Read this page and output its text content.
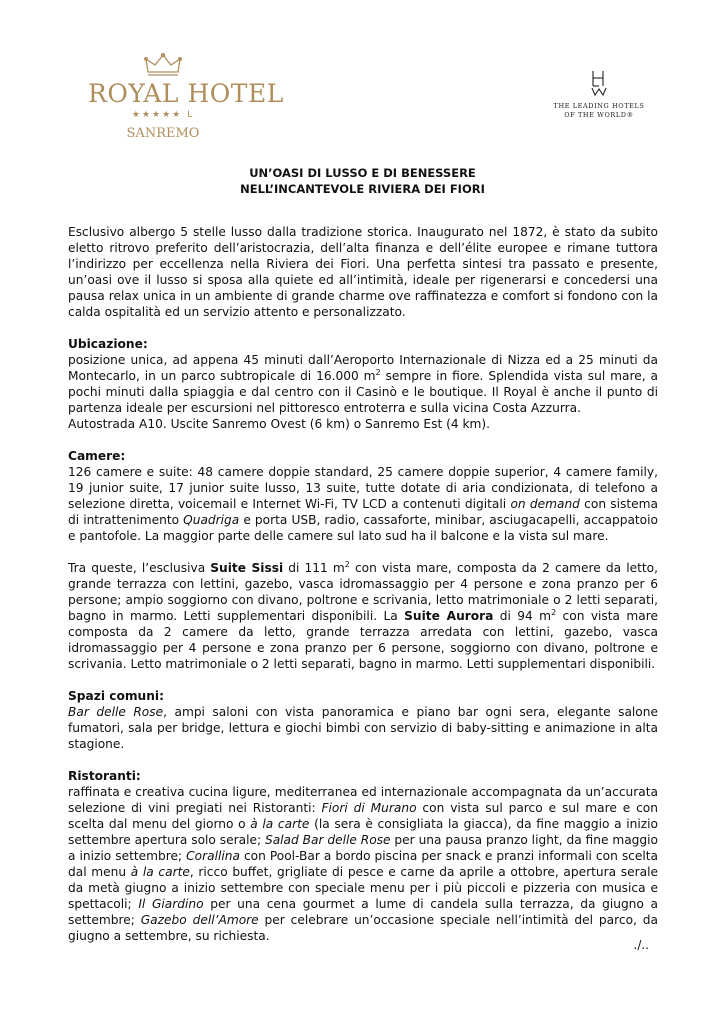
ROYAL HOTEL
★★★★★ L
SANREMO
THE LEADING HOTELS
OF THE WORLD®
UN’OASI DI LUSSO E DI BENESSERE
NELL’INCANTEVOLE RIVIERA DEI FIORI

Esclusivo albergo 5 stelle lusso dalla tradizione storica. Inaugurato nel 1872, è stato da subito eletto ritrovo preferito dell’aristocrazia, dell’alta finanza e dell’élite europee e rimane tuttora l’indirizzo per eccellenza nella Riviera dei Fiori. Una perfetta sintesi tra passato e presente, un’oasi ove il lusso si sposa alla quiete ed all’intimità, ideale per rigenerarsi e concedersi una pausa relax unica in un ambiente di grande charme ove raffinatezza e comfort si fondono con la calda ospitalità ed un servizio attento e personalizzato.

Ubicazione:

posizione unica, ad appena 45 minuti dall’Aeroporto Internazionale di Nizza ed a 25 minuti da Montecarlo, in un parco subtropicale di 16.000 $m^2$ sempre in fiore. Splendida vista sul mare, a pochi minuti dalla spiaggia e dal centro con il Casinò e le boutique. Il Royal è anche il punto di partenza ideale per escursioni nel pittoresco entroterra e sulla vicina Costa Azzurra.

Autostrada A10. Uscite Sanremo Ovest (6 km) o Sanremo Est (4 km).

Camere:

126 camere e suite: 48 camere doppie standard, 25 camere doppie superior, 4 camere family, 19 junior suite, 17 junior suite lusso, 13 suite, tutte dotate di aria condizionata, di telefono a selezione diretta, voicemail e Internet Wi-Fi, TV LCD a contenuti digitali on demand con sistema di intrattenimento Quadriga e porta USB, radio, cassaforte, minibar, asciugacapelli, accappatoio e pantofole. La maggior parte delle camere sul lato sud ha il balcone e la vista sul mare.

Tra queste, l’esclusiva Suite Sissi di 111 $m^2$ con vista mare, composta da 2 camere da letto, grande terrazza con lettini, gazebo, vasca idromassaggio per 4 persone e zona pranzo per 6 persone; ampio soggiorno con divano, poltrone e scrivania, letto matrimoniale o 2 letti separati, bagno in marmo. Letti supplementari disponibili. La Suite Aurora di 94 $m^2$ con vista mare composta da 2 camere da letto, grande terrazza arredata con lettini, gazebo, vasca idromassaggio per 4 persone e zona pranzo per 6 persone, soggiorno con divano, poltrone e scrivania. Letto matrimoniale o 2 letti separati, bagno in marmo. Letti supplementari disponibili.

Spazi comuni:

Bar delle Rose, ampi saloni con vista panoramica e piano bar ogni sera, elegante salone fumatori, sala per bridge, lettura e giochi bimbi con servizio di baby-sitting e animazione in alta stagione.

Ristoranti:

raffinata e creativa cucina ligure, mediterranea ed internazionale accompagnata da un’accurata selezione di vini pregiati nei Ristoranti: Fiori di Murano con vista sul parco e sul mare e con scelta dal menu del giorno o à la carte (la sera è consigliata la giacca), da fine maggio a inizio settembre apertura solo serale; Salad Bar delle Rose per una pausa pranzo light, da fine maggio a inizio settembre; Corallina con Pool-Bar a bordo piscina per snack e pranzi informali con scelta dal menu à la carte, ricco buffet, grigliate di pesce e carne da aprile a ottobre, apertura serale da metà giugno a inizio settembre con speciale menu per i più piccoli e pizzeria con musica e spettacoli; Il Giardino per una cena gourmet a lume di candela sulla terrazza, da giugno a settembre; Gazebo dell’Amore per celebrare un’occasione speciale nell’intimità del parco, da giugno a settembre, su richiesta.

./..
